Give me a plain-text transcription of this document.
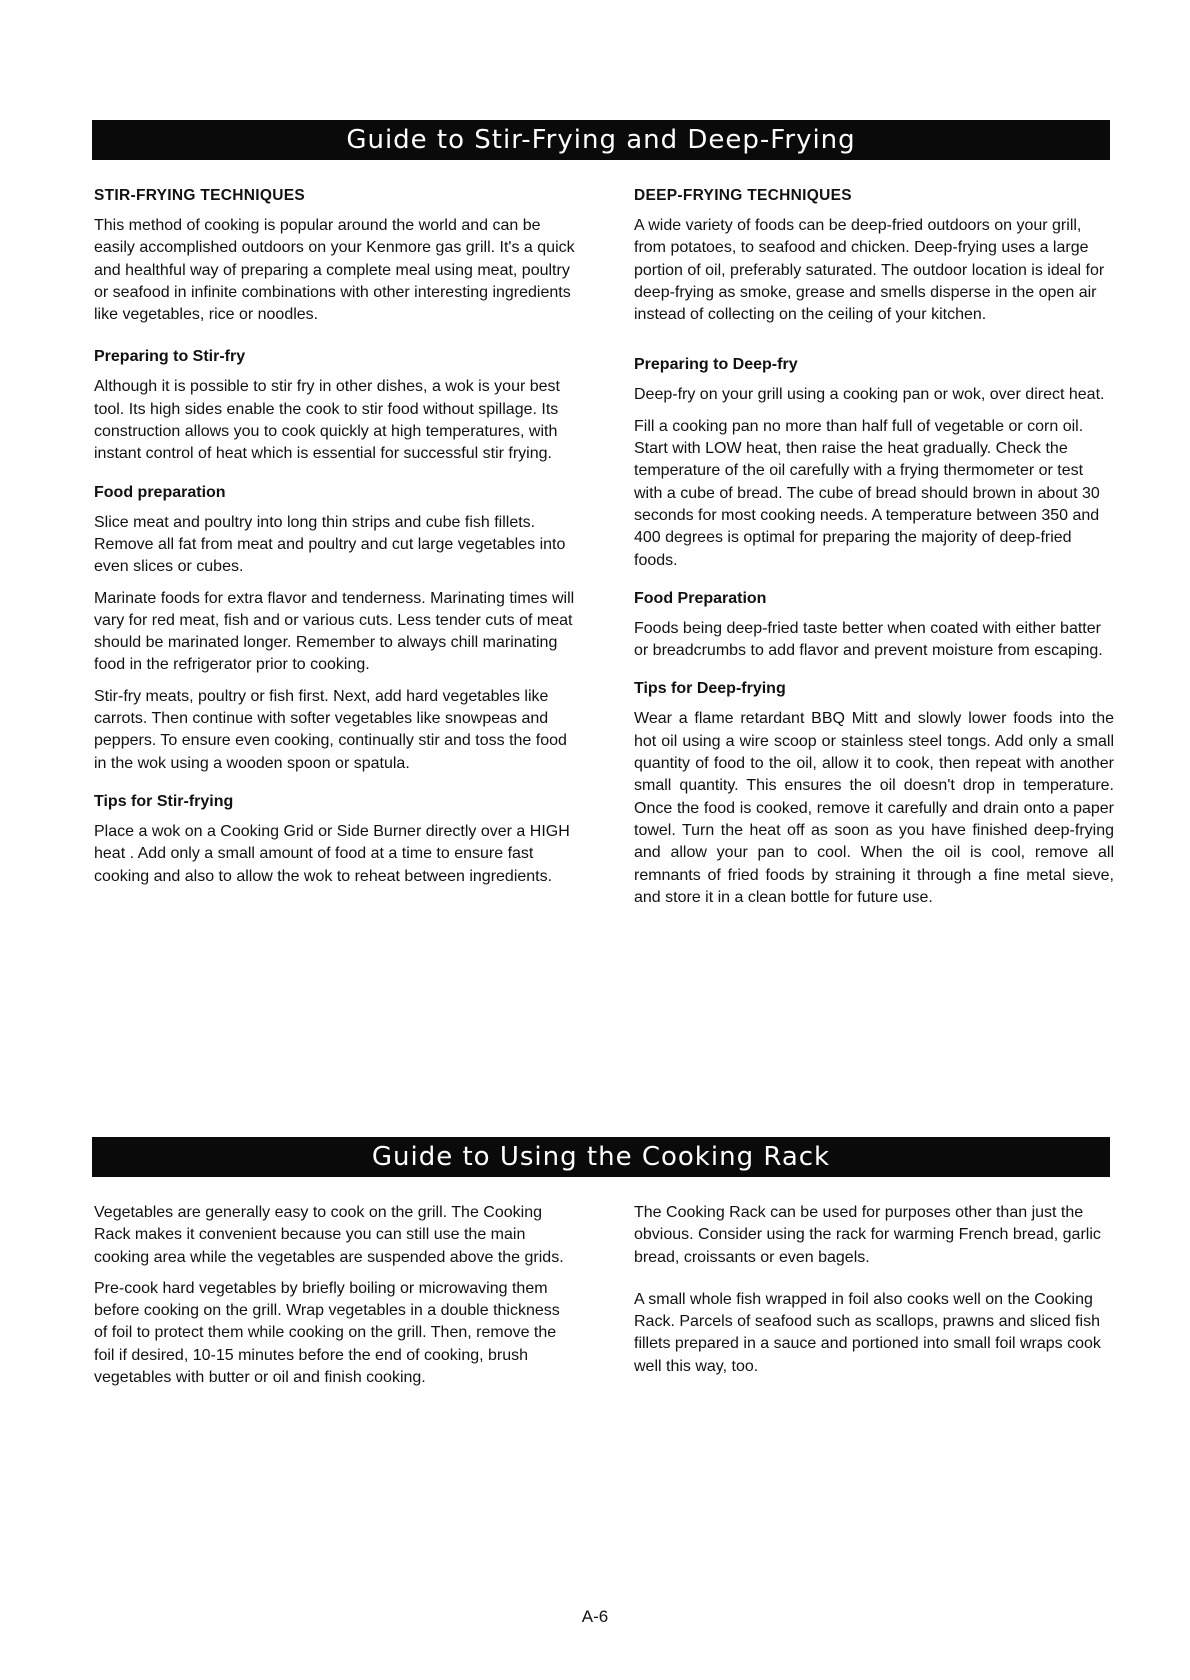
Guide to Stir-Frying and Deep-Frying
STIR-FRYING TECHNIQUES

This method of cooking is popular around the world and can be easily accomplished outdoors on your Kenmore gas grill. It's a quick and healthful way of preparing a complete meal using meat, poultry or seafood in infinite combinations with other interesting ingredients like vegetables, rice or noodles.

Preparing to Stir-fry

Although it is possible to stir fry in other dishes, a wok is your best tool. Its high sides enable the cook to stir food without spillage. Its construction allows you to cook quickly at high temperatures, with instant control of heat which is essential for successful stir frying.

Food preparation

Slice meat and poultry into long thin strips and cube fish fillets. Remove all fat from meat and poultry and cut large vegetables into even slices or cubes.

Marinate foods for extra flavor and tenderness. Marinating times will vary for red meat, fish and or various cuts. Less tender cuts of meat should be marinated longer. Remember to always chill marinating food in the refrigerator prior to cooking.

Stir-fry meats, poultry or fish first. Next, add hard vegetables like carrots. Then continue with softer vegetables like snowpeas and peppers. To ensure even cooking, continually stir and toss the food in the wok using a wooden spoon or spatula.

Tips for Stir-frying

Place a wok on a Cooking Grid or Side Burner directly over a HIGH heat . Add only a small amount of food at a time to ensure fast cooking and also to allow the wok to reheat between ingredients.

DEEP-FRYING TECHNIQUES

A wide variety of foods can be deep-fried outdoors on your grill, from potatoes, to seafood and chicken. Deep-frying uses a large portion of oil, preferably saturated. The outdoor location is ideal for deep-frying as smoke, grease and smells disperse in the open air instead of collecting on the ceiling of your kitchen.

Preparing to Deep-fry

Deep-fry on your grill using a cooking pan or wok, over direct heat.

Fill a cooking pan no more than half full of vegetable or corn oil. Start with LOW heat, then raise the heat gradually. Check the temperature of the oil carefully with a frying thermometer or test with a cube of bread. The cube of bread should brown in about 30 seconds for most cooking needs. A temperature between 350 and 400 degrees is optimal for preparing the majority of deep-fried foods.

Food Preparation

Foods being deep-fried taste better when coated with either batter or breadcrumbs to add flavor and prevent moisture from escaping.

Tips for Deep-frying

Wear a flame retardant BBQ Mitt and slowly lower foods into the hot oil using a wire scoop or stainless steel tongs. Add only a small quantity of food to the oil, allow it to cook, then repeat with another small quantity. This ensures the oil doesn't drop in temperature. Once the food is cooked, remove it carefully and drain onto a paper towel. Turn the heat off as soon as you have finished deep-frying and allow your pan to cool. When the oil is cool, remove all remnants of fried foods by straining it through a fine metal sieve, and store it in a clean bottle for future use.

Guide to Using the Cooking Rack

Vegetables are generally easy to cook on the grill. The Cooking Rack makes it convenient because you can still use the main cooking area while the vegetables are suspended above the grids.

Pre-cook hard vegetables by briefly boiling or microwaving them before cooking on the grill. Wrap vegetables in a double thickness of foil to protect them while cooking on the grill. Then, remove the foil if desired, 10-15 minutes before the end of cooking, brush vegetables with butter or oil and finish cooking.

The Cooking Rack can be used for purposes other than just the obvious. Consider using the rack for warming French bread, garlic bread, croissants or even bagels.

A small whole fish wrapped in foil also cooks well on the Cooking Rack. Parcels of seafood such as scallops, prawns and sliced fish fillets prepared in a sauce and portioned into small foil wraps cook well this way, too.

A-6
